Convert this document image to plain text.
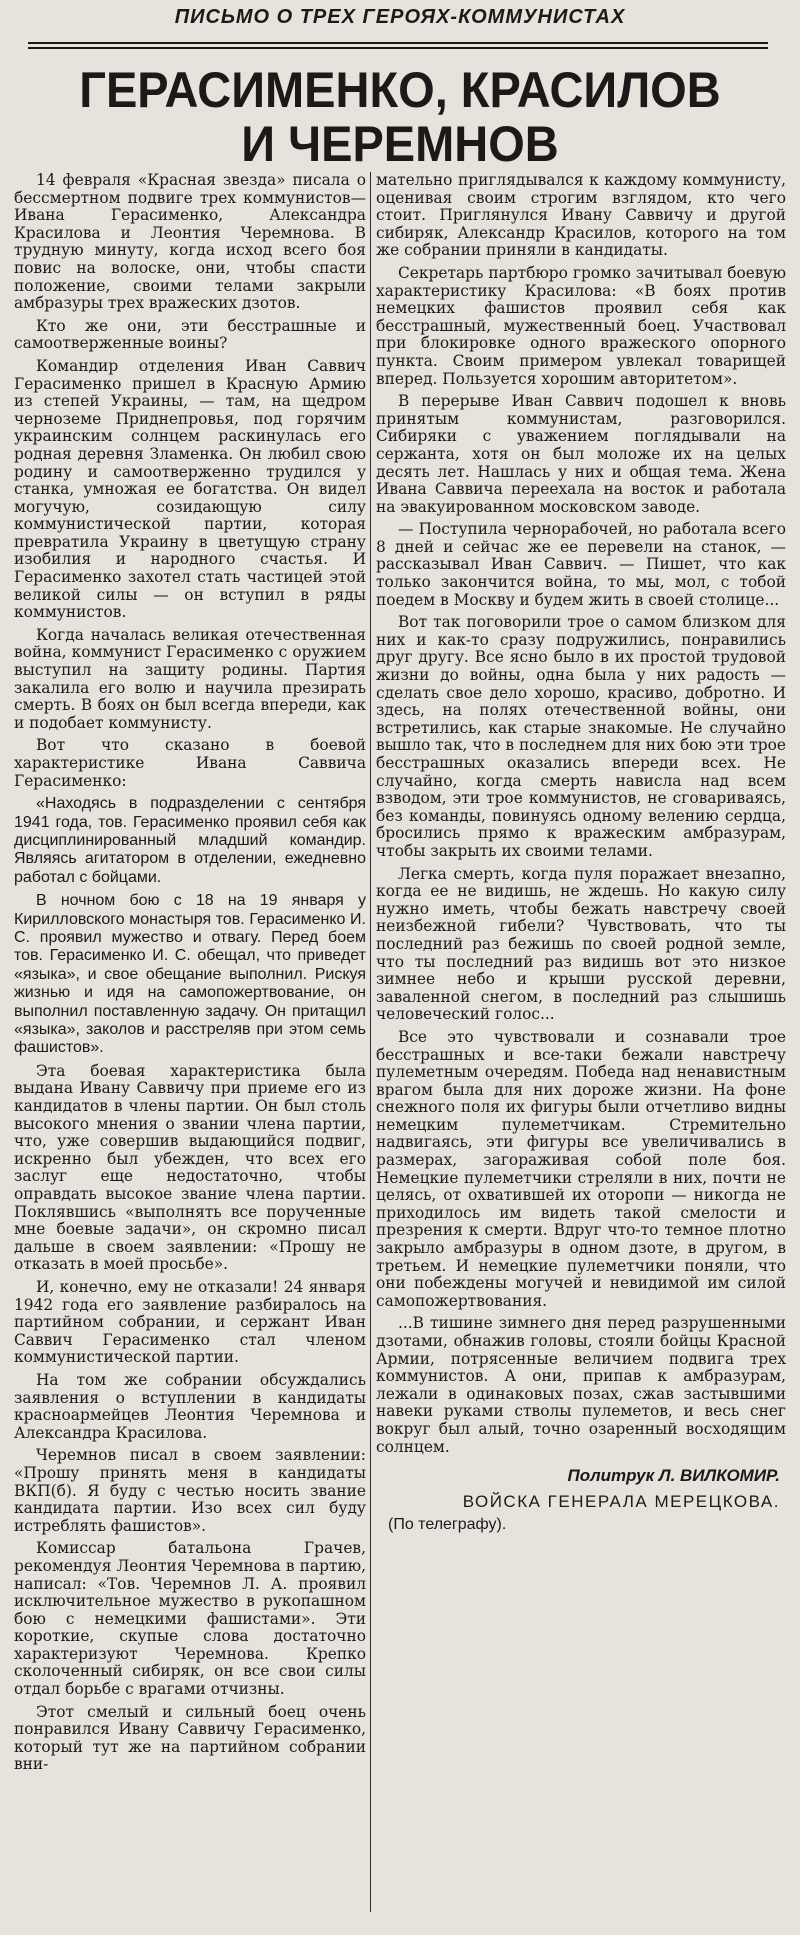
ПИСЬМО О ТРЕХ ГЕРОЯХ-КОММУНИСТАХ
ГЕРАСИМЕНКО, КРАСИЛОВ
И ЧЕРЕМНОВ

14 февраля «Красная звезда» писала о бессмертном подвиге трех коммунистов— Ивана Герасименко, Александра Красилова и Леонтия Черемнова. В трудную минуту, когда исход всего боя повис на волоске, они, чтобы спасти положение, своими телами закрыли амбразуры трех вражеских дзотов.

Кто же они, эти бесстрашные и самоотверженные воины?

Командир отделения Иван Саввич Герасименко пришел в Красную Армию из степей Украины, — там, на щедром черноземе Приднепровья, под горячим украинским солнцем раскинулась его родная деревня Зламенка. Он любил свою родину и самоотверженно трудился у станка, умножая ее богатства. Он видел могучую, созидающую силу коммунистической партии, которая превратила Украину в цветущую страну изобилия и народного счастья. И Герасименко захотел стать частицей этой великой силы — он вступил в ряды коммунистов.

Когда началась великая отечественная война, коммунист Герасименко с оружием выступил на защиту родины. Партия закалила его волю и научила презирать смерть. В боях он был всегда впереди, как и подобает коммунисту.

Вот что сказано в боевой характеристике Ивана Саввича Герасименко:

«Находясь в подразделении с сентября 1941 года, тов. Герасименко проявил себя как дисциплинированный младший командир. Являясь агитатором в отделении, ежедневно работал с бойцами.

В ночном бою с 18 на 19 января у Кирилловского монастыря тов. Герасименко И. С. проявил мужество и отвагу. Перед боем тов. Герасименко И. С. обещал, что приведет «языка», и свое обещание выполнил. Рискуя жизнью и идя на самопожертвование, он выполнил поставленную задачу. Он притащил «языка», заколов и расстреляв при этом семь фашистов».

Эта боевая характеристика была выдана Ивану Саввичу при приеме его из кандидатов в члены партии. Он был столь высокого мнения о звании члена партии, что, уже совершив выдающийся подвиг, искренно был убежден, что всех его заслуг еще недостаточно, чтобы оправдать высокое звание члена партии. Поклявшись «выполнять все порученные мне боевые задачи», он скромно писал дальше в своем заявлении: «Прошу не отказать в моей просьбе».

И, конечно, ему не отказали! 24 января 1942 года его заявление разбиралось на партийном собрании, и сержант Иван Саввич Герасименко стал членом коммунистической партии.

На том же собрании обсуждались заявления о вступлении в кандидаты красноармейцев Леонтия Черемнова и Александра Красилова.

Черемнов писал в своем заявлении: «Прошу принять меня в кандидаты ВКП(б). Я буду с честью носить звание кандидата партии. Изо всех сил буду истреблять фашистов».

Комиссар батальона Грачев, рекомендуя Леонтия Черемнова в партию, написал: «Тов. Черемнов Л. А. проявил исключительное мужество в рукопашном бою с немецкими фашистами». Эти короткие, скупые слова достаточно характеризуют Черемнова. Крепко сколоченный сибиряк, он все свои силы отдал борьбе с врагами отчизны.

Этот смелый и сильный боец очень понравился Ивану Саввичу Герасименко, который тут же на партийном собрании вни-

мательно приглядывался к каждому коммунисту, оценивая своим строгим взглядом, кто чего стоит. Приглянулся Ивану Саввичу и другой сибиряк, Александр Красилов, которого на том же собрании приняли в кандидаты.

Секретарь партбюро громко зачитывал боевую характеристику Красилова: «В боях против немецких фашистов проявил себя как бесстрашный, мужественный боец. Участвовал при блокировке одного вражеского опорного пункта. Своим примером увлекал товарищей вперед. Пользуется хорошим авторитетом».

В перерыве Иван Саввич подошел к вновь принятым коммунистам, разговорился. Сибиряки с уважением поглядывали на сержанта, хотя он был моложе их на целых десять лет. Нашлась у них и общая тема. Жена Ивана Саввича переехала на восток и работала на эвакуированном московском заводе.

— Поступила чернорабочей, но работала всего 8 дней и сейчас же ее перевели на станок, — рассказывал Иван Саввич. — Пишет, что как только закончится война, то мы, мол, с тобой поедем в Москву и будем жить в своей столице...

Вот так поговорили трое о самом близком для них и как-то сразу подружились, понравились друг другу. Все ясно было в их простой трудовой жизни до войны, одна была у них радость — сделать свое дело хорошо, красиво, добротно. И здесь, на полях отечественной войны, они встретились, как старые знакомые. Не случайно вышло так, что в последнем для них бою эти трое бесстрашных оказались впереди всех. Не случайно, когда смерть нависла над всем взводом, эти трое коммунистов, не сговариваясь, без команды, повинуясь одному велению сердца, бросились прямо к вражеским амбразурам, чтобы закрыть их своими телами.

Легка смерть, когда пуля поражает внезапно, когда ее не видишь, не ждешь. Но какую силу нужно иметь, чтобы бежать навстречу своей неизбежной гибели? Чувствовать, что ты последний раз бежишь по своей родной земле, что ты последний раз видишь вот это низкое зимнее небо и крыши русской деревни, заваленной снегом, в последний раз слышишь человеческий голос...

Все это чувствовали и сознавали трое бесстрашных и все-таки бежали навстречу пулеметным очередям. Победа над ненавистным врагом была для них дороже жизни. На фоне снежного поля их фигуры были отчетливо видны немецким пулеметчикам. Стремительно надвигаясь, эти фигуры все увеличивались в размерах, загораживая собой поле боя. Немецкие пулеметчики стреляли в них, почти не целясь, от охватившей их оторопи — никогда не приходилось им видеть такой смелости и презрения к смерти. Вдруг что-то темное плотно закрыло амбразуры в одном дзоте, в другом, в третьем. И немецкие пулеметчики поняли, что они побеждены могучей и невидимой им силой самопожертвования.

...В тишине зимнего дня перед разрушенными дзотами, обнажив головы, стояли бойцы Красной Армии, потрясенные величием подвига трех коммунистов. А они, припав к амбразурам, лежали в одинаковых позах, сжав застывшими навеки руками стволы пулеметов, и весь снег вокруг был алый, точно озаренный восходящим солнцем.

Политрук Л. ВИЛКОМИР.
ВОЙСКА ГЕНЕРАЛА МЕРЕЦКОВА.
(По телеграфу).
